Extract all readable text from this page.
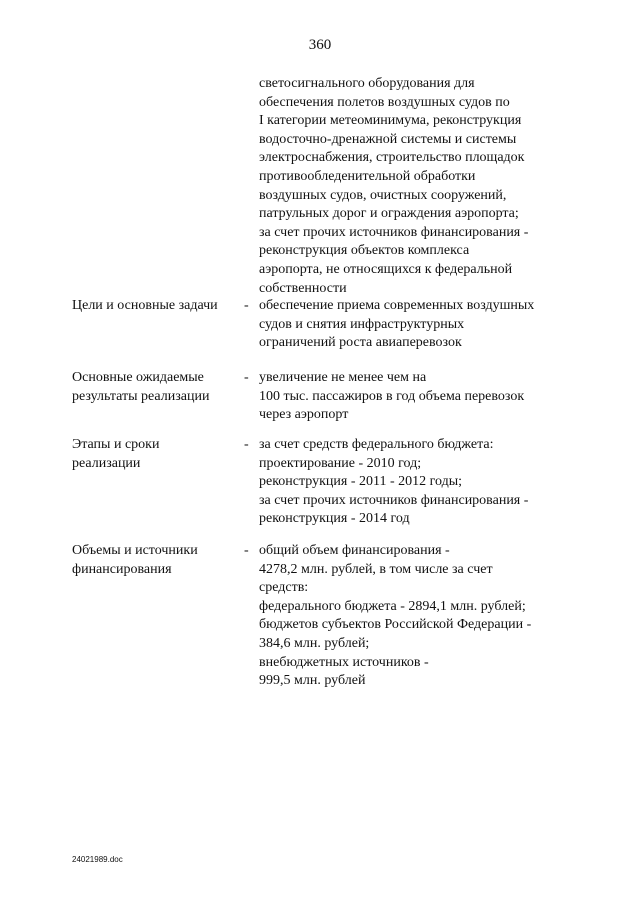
360
светосигнального оборудования для
обеспечения полетов воздушных судов по
I категории метеоминимума, реконструкция
водосточно-дренажной системы и системы
электроснабжения, строительство площадок
противообледенительной обработки
воздушных судов, очистных сооружений,
патрульных дорог и ограждения аэропорта;
за счет прочих источников финансирования -
реконструкция объектов комплекса
аэропорта, не относящихся к федеральной
собственности
Цели и основные задачи	- обеспечение приема современных воздушных
судов и снятия инфраструктурных
ограничений роста авиаперевозок
Основные ожидаемые
результаты реализации
- увеличение не менее чем на
100 тыс. пассажиров в год объема перевозок
через аэропорт
Этапы и сроки
реализации
- за счет средств федерального бюджета:
проектирование - 2010 год;
реконструкция - 2011 - 2012 годы;
за счет прочих источников финансирования -
реконструкция - 2014 год
Объемы и источники
финансирования
- общий объем финансирования -
4278,2 млн. рублей, в том числе за счет
средств:
федерального бюджета - 2894,1 млн. рублей;
бюджетов субъектов Российской Федерации -
384,6 млн. рублей;
внебюджетных источников -
999,5 млн. рублей
24021989.doc
